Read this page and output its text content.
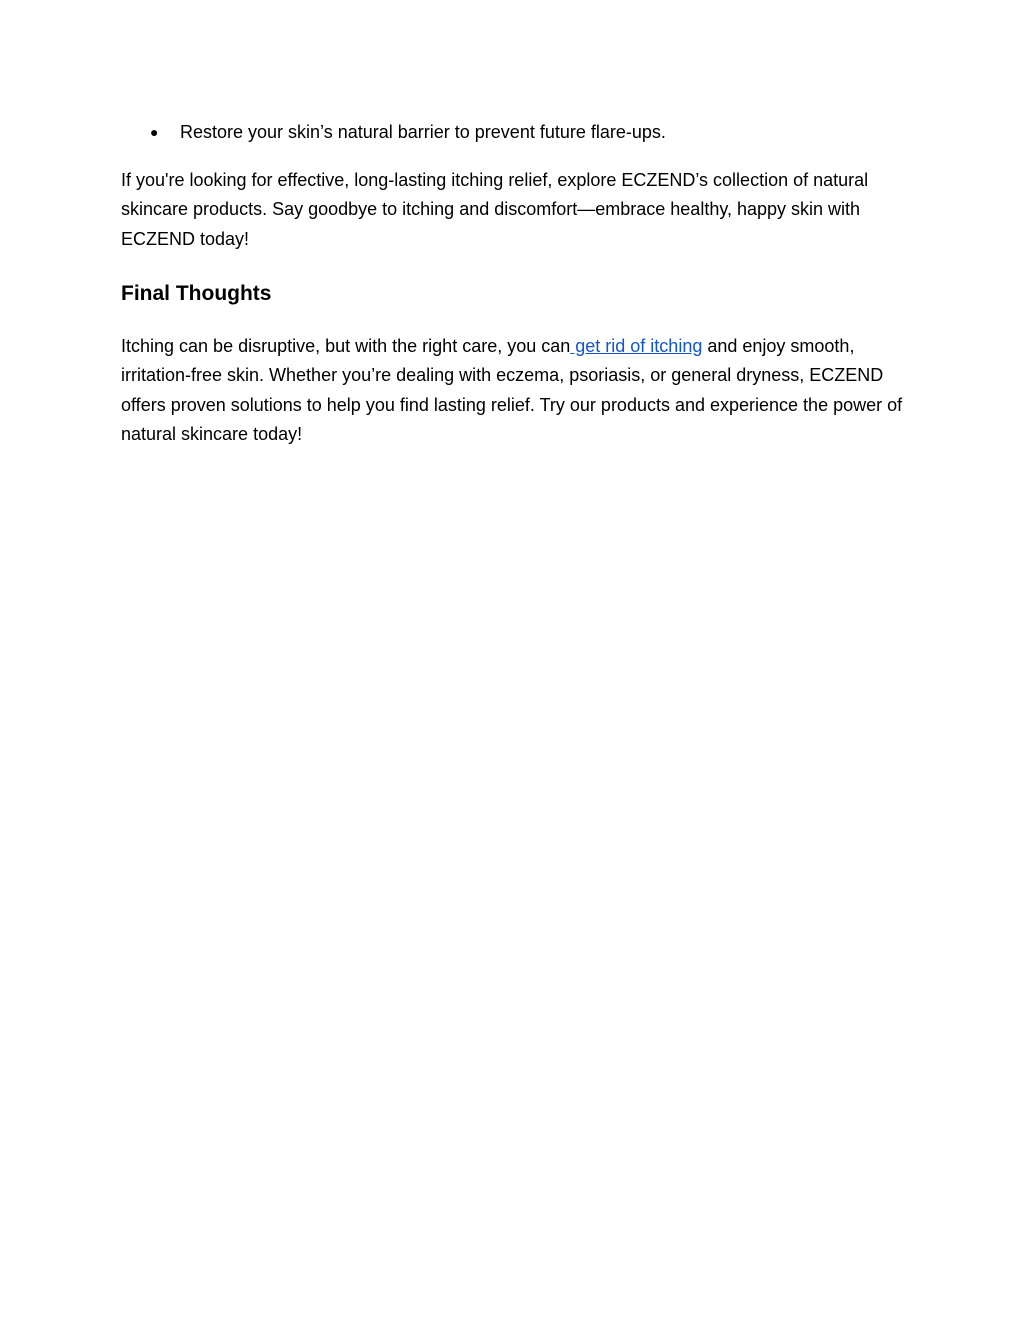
●	Restore your skin’s natural barrier to prevent future flare-ups.

If you're looking for effective, long-lasting itching relief, explore ECZEND’s collection of natural skincare products. Say goodbye to itching and discomfort—embrace healthy, happy skin with ECZEND today!

Final Thoughts

Itching can be disruptive, but with the right care, you can get rid of itching and enjoy smooth, irritation-free skin. Whether you’re dealing with eczema, psoriasis, or general dryness, ECZEND offers proven solutions to help you find lasting relief. Try our products and experience the power of natural skincare today!
